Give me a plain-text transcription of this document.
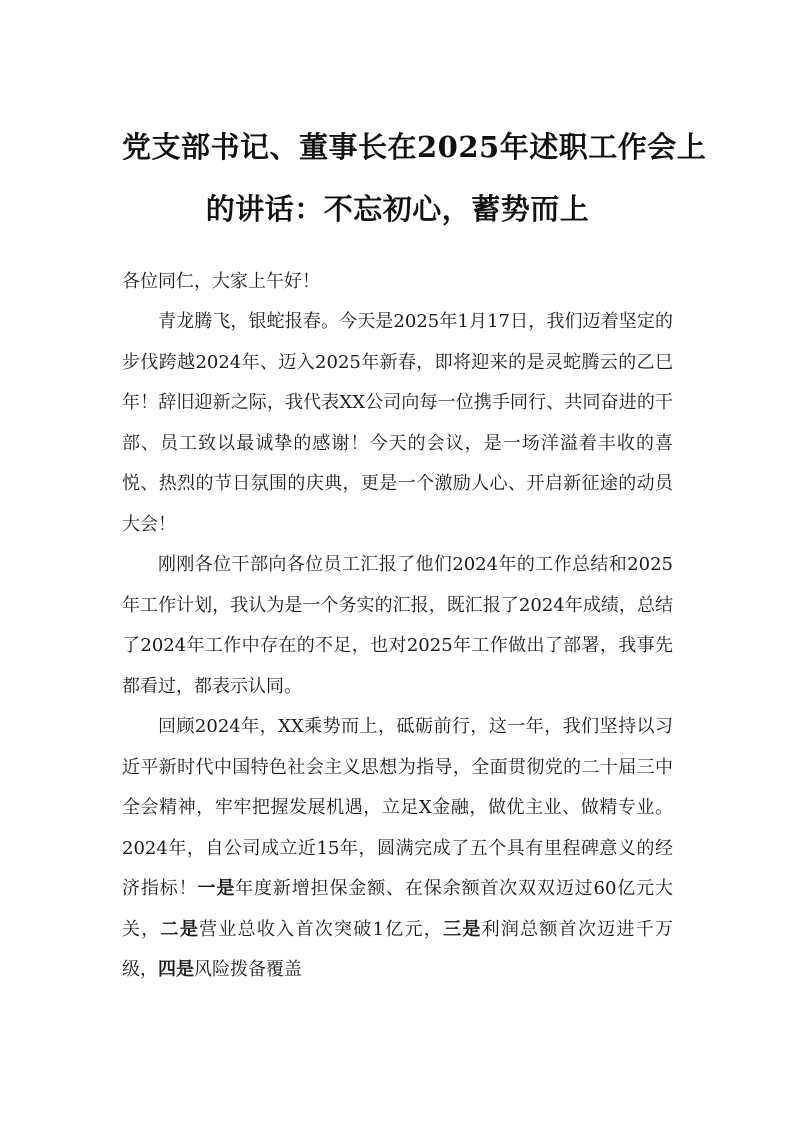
党支部书记、董事长在2025年述职工作会上
的讲话：不忘初心，蓄势而上

各位同仁，大家上午好！

青龙腾飞，银蛇报春。今天是2025年1月17日，我们迈着坚定的步伐跨越2024年、迈入2025年新春，即将迎来的是灵蛇腾云的乙巳年！辞旧迎新之际，我代表XX公司向每一位携手同行、共同奋进的干部、员工致以最诚挚的感谢！今天的会议，是一场洋溢着丰收的喜悦、热烈的节日氛围的庆典，更是一个激励人心、开启新征途的动员大会！

刚刚各位干部向各位员工汇报了他们2024年的工作总结和2025年工作计划，我认为是一个务实的汇报，既汇报了2024年成绩，总结了2024年工作中存在的不足，也对2025年工作做出了部署，我事先都看过，都表示认同。

回顾2024年，XX乘势而上，砥砺前行，这一年，我们坚持以习近平新时代中国特色社会主义思想为指导，全面贯彻党的二十届三中全会精神，牢牢把握发展机遇，立足X金融，做优主业、做精专业。2024年，自公司成立近15年，圆满完成了五个具有里程碑意义的经济指标！一是年度新增担保金额、在保余额首次双双迈过60亿元大关，二是营业总收入首次突破1亿元，三是利润总额首次迈进千万级，四是风险拨备覆盖
